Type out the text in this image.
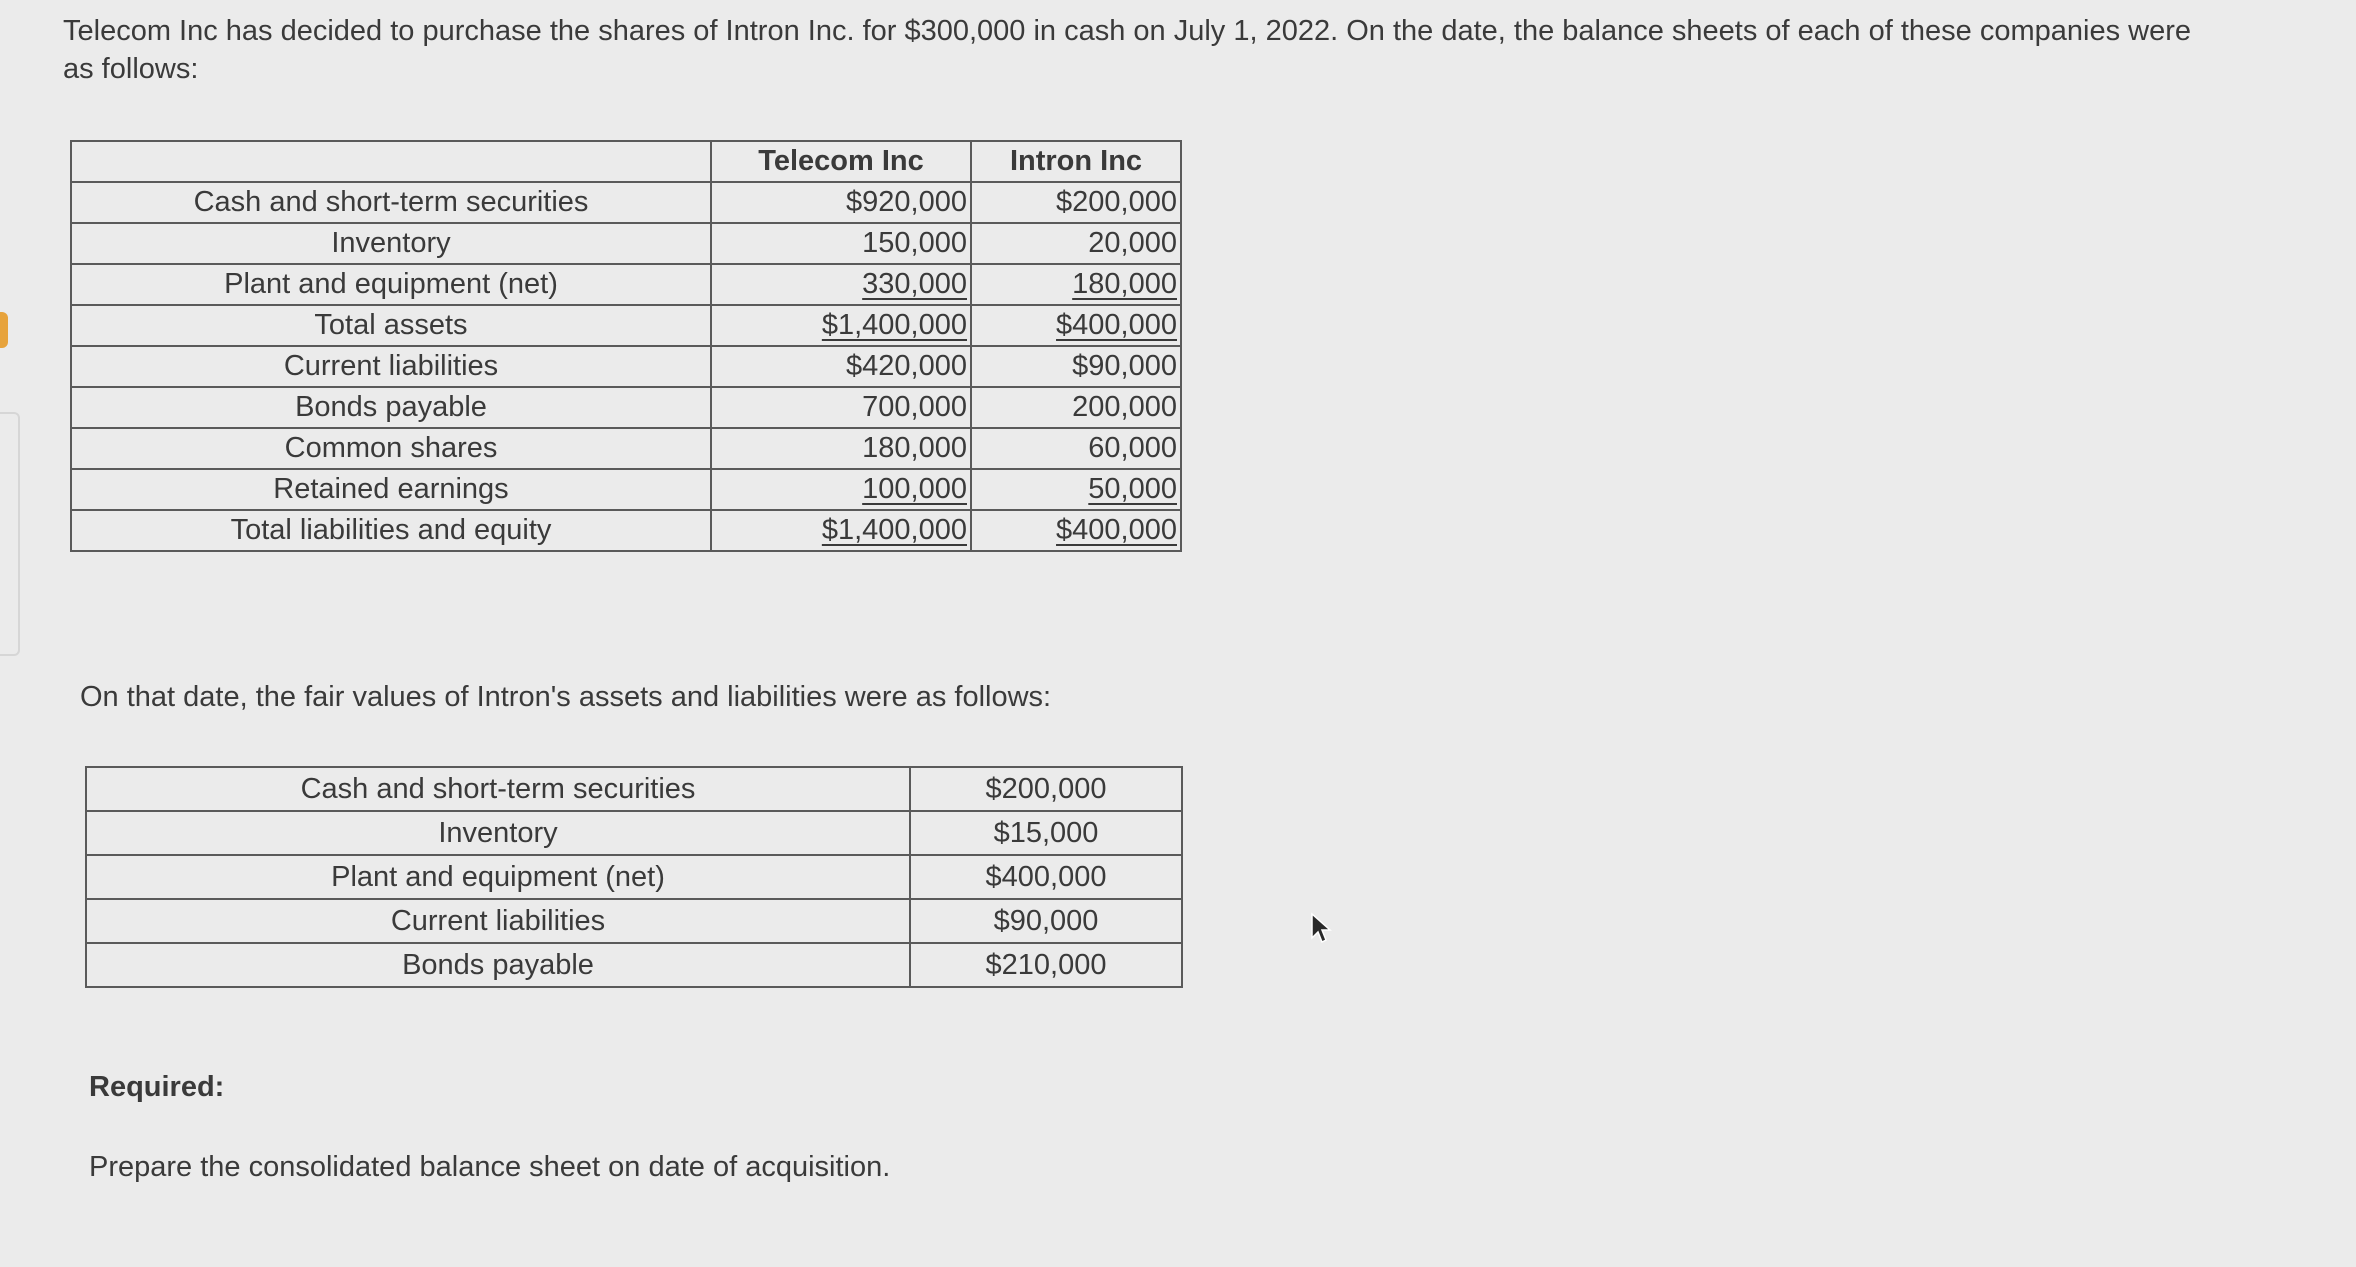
Telecom Inc has decided to purchase the shares of Intron Inc. for $300,000 in cash on July 1, 2022. On the date, the balance sheets of each of these companies were as follows:

	Telecom Inc	Intron Inc
Cash and short-term securities	$920,000	$200,000
Inventory	150,000	20,000
Plant and equipment (net)	330,000	180,000
Total assets	$1,400,000	$400,000
Current liabilities	$420,000	$90,000
Bonds payable	700,000	200,000
Common shares	180,000	60,000
Retained earnings	100,000	50,000
Total liabilities and equity	$1,400,000	$400,000

On that date, the fair values of Intron's assets and liabilities were as follows:

Cash and short-term securities	$200,000
Inventory	$15,000
Plant and equipment (net)	$400,000
Current liabilities	$90,000
Bonds payable	$210,000

Required:

Prepare the consolidated balance sheet on date of acquisition.
